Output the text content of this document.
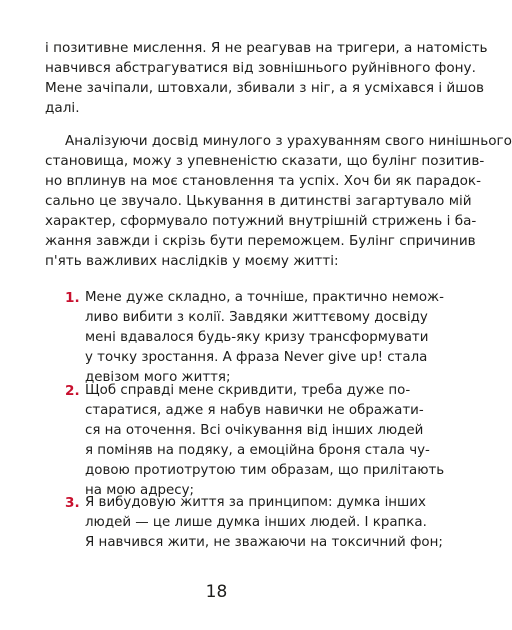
і позитивне мислення. Я не реагував на тригери, а натомість
навчився абстрагуватися від зовнішнього руйнівного фону.
Мене зачіпали, штовхали, збивали з ніг, а я усміхався і йшов
далі.
Аналізуючи досвід минулого з урахуванням свого нинішнього
становища, можу з упевненістю сказати, що булінг позитив-
но вплинув на моє становлення та успіх. Хоч би як парадок-
сально це звучало. Цькування в дитинстві загартувало мій
характер, сформувало потужний внутрішній стрижень і ба-
жання завжди і скрізь бути переможцем. Булінг спричинив
п'ять важливих наслідків у моєму житті:
1. Мене дуже складно, а точніше, практично немож-
ливо вибити з колії. Завдяки життєвому досвіду
мені вдавалося будь-яку кризу трансформувати
у точку зростання. А фраза Never give up! стала
девізом мого життя;
2. Щоб справді мене скривдити, треба дуже по-
старатися, адже я набув навички не ображати-
ся на оточення. Всі очікування від інших людей
я поміняв на подяку, а емоційна броня стала чу-
довою протиотрутою тим образам, що прилітають
на мою адресу;
3. Я вибудовую життя за принципом: думка інших
людей — це лише думка інших людей. І крапка.
Я навчився жити, не зважаючи на токсичний фон;
18
